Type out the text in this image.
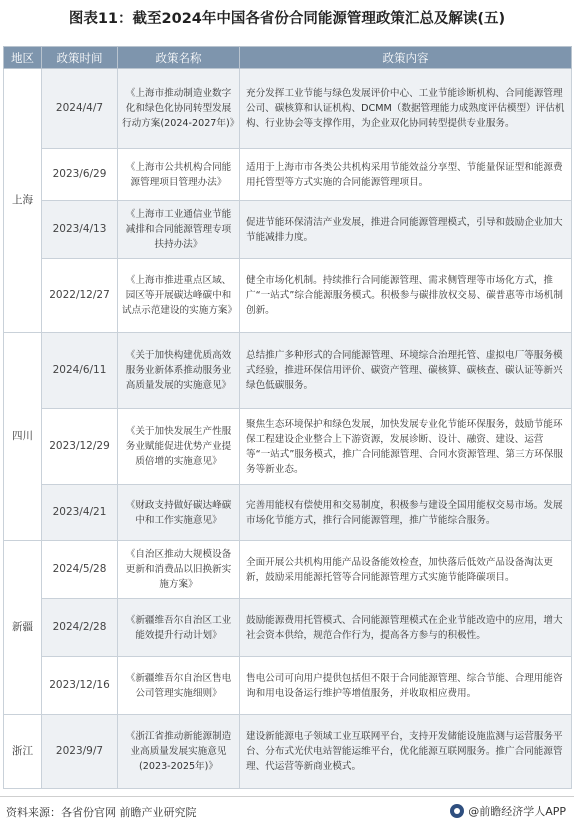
图表11：截至2024年中国各省份合同能源管理政策汇总及解读(五)
地区	政策时间	政策名称	政策内容
上海	2024/4/7	《上海市推动制造业数字化和绿色化协同转型发展行动方案(2024-2027年)》	充分发挥工业节能与绿色发展评价中心、工业节能诊断机构、合同能源管理公司、碳核算和认证机构、DCMM（数据管理能力成熟度评估模型）评估机构、行业协会等支撑作用，为企业双化协同转型提供专业服务。
	2023/6/29	《上海市公共机构合同能源管理项目管理办法》	适用于上海市市各类公共机构采用节能效益分享型、节能量保证型和能源费用托管型等方式实施的合同能源管理项目。
	2023/4/13	《上海市工业通信业节能减排和合同能源管理专项扶持办法》	促进节能环保清洁产业发展，推进合同能源管理模式，引导和鼓励企业加大节能减排力度。
	2022/12/27	《上海市推进重点区域、园区等开展碳达峰碳中和试点示范建设的实施方案》	健全市场化机制。持续推行合同能源管理、需求侧管理等市场化方式，推广“一站式”综合能源服务模式。积极参与碳排放权交易、碳普惠等市场机制创新。
四川	2024/6/11	《关于加快构建优质高效服务业新体系推动服务业高质量发展的实施意见》	总结推广多种形式的合同能源管理、环境综合治理托管、虚拟电厂等服务模式经验，推进环保信用评价、碳资产管理、碳核算、碳核查、碳认证等新兴绿色低碳服务。
	2023/12/29	《关于加快发展生产性服务业赋能促进优势产业提质倍增的实施意见》	聚焦生态环境保护和绿色发展，加快发展专业化节能环保服务，鼓励节能环保工程建设企业整合上下游资源，发展诊断、设计、融资、建设、运营等“一站式”服务模式，推广合同能源管理、合同水资源管理、第三方环保服务等新业态。
	2023/4/21	《财政支持做好碳达峰碳中和工作实施意见》	完善用能权有偿使用和交易制度，积极参与建设全国用能权交易市场。发展市场化节能方式，推行合同能源管理，推广节能综合服务。
新疆	2024/5/28	《自治区推动大规模设备更新和消费品以旧换新实施方案》	全面开展公共机构用能产品设备能效检查，加快落后低效产品设备淘汰更新，鼓励采用能源托管等合同能源管理方式实施节能降碳项目。
	2024/2/28	《新疆维吾尔自治区工业能效提升行动计划》	鼓励能源费用托管模式、合同能源管理模式在企业节能改造中的应用，增大社会资本供给，规范合作行为，提高各方参与的积极性。
	2023/12/16	《新疆维吾尔自治区售电公司管理实施细则》	售电公司可向用户提供包括但不限于合同能源管理、综合节能、合理用能咨询和用电设备运行维护等增值服务，并收取相应费用。
浙江	2023/9/7	《浙江省推动新能源制造业高质量发展实施意见(2023-2025年)》	建设新能源电子领域工业互联网平台，支持开发储能设施监测与运营服务平台、分布式光伏电站智能运维平台，优化能源互联网服务。推广合同能源管理、代运营等新商业模式。
资料来源：各省份官网 前瞻产业研究院	@前瞻经济学人APP
